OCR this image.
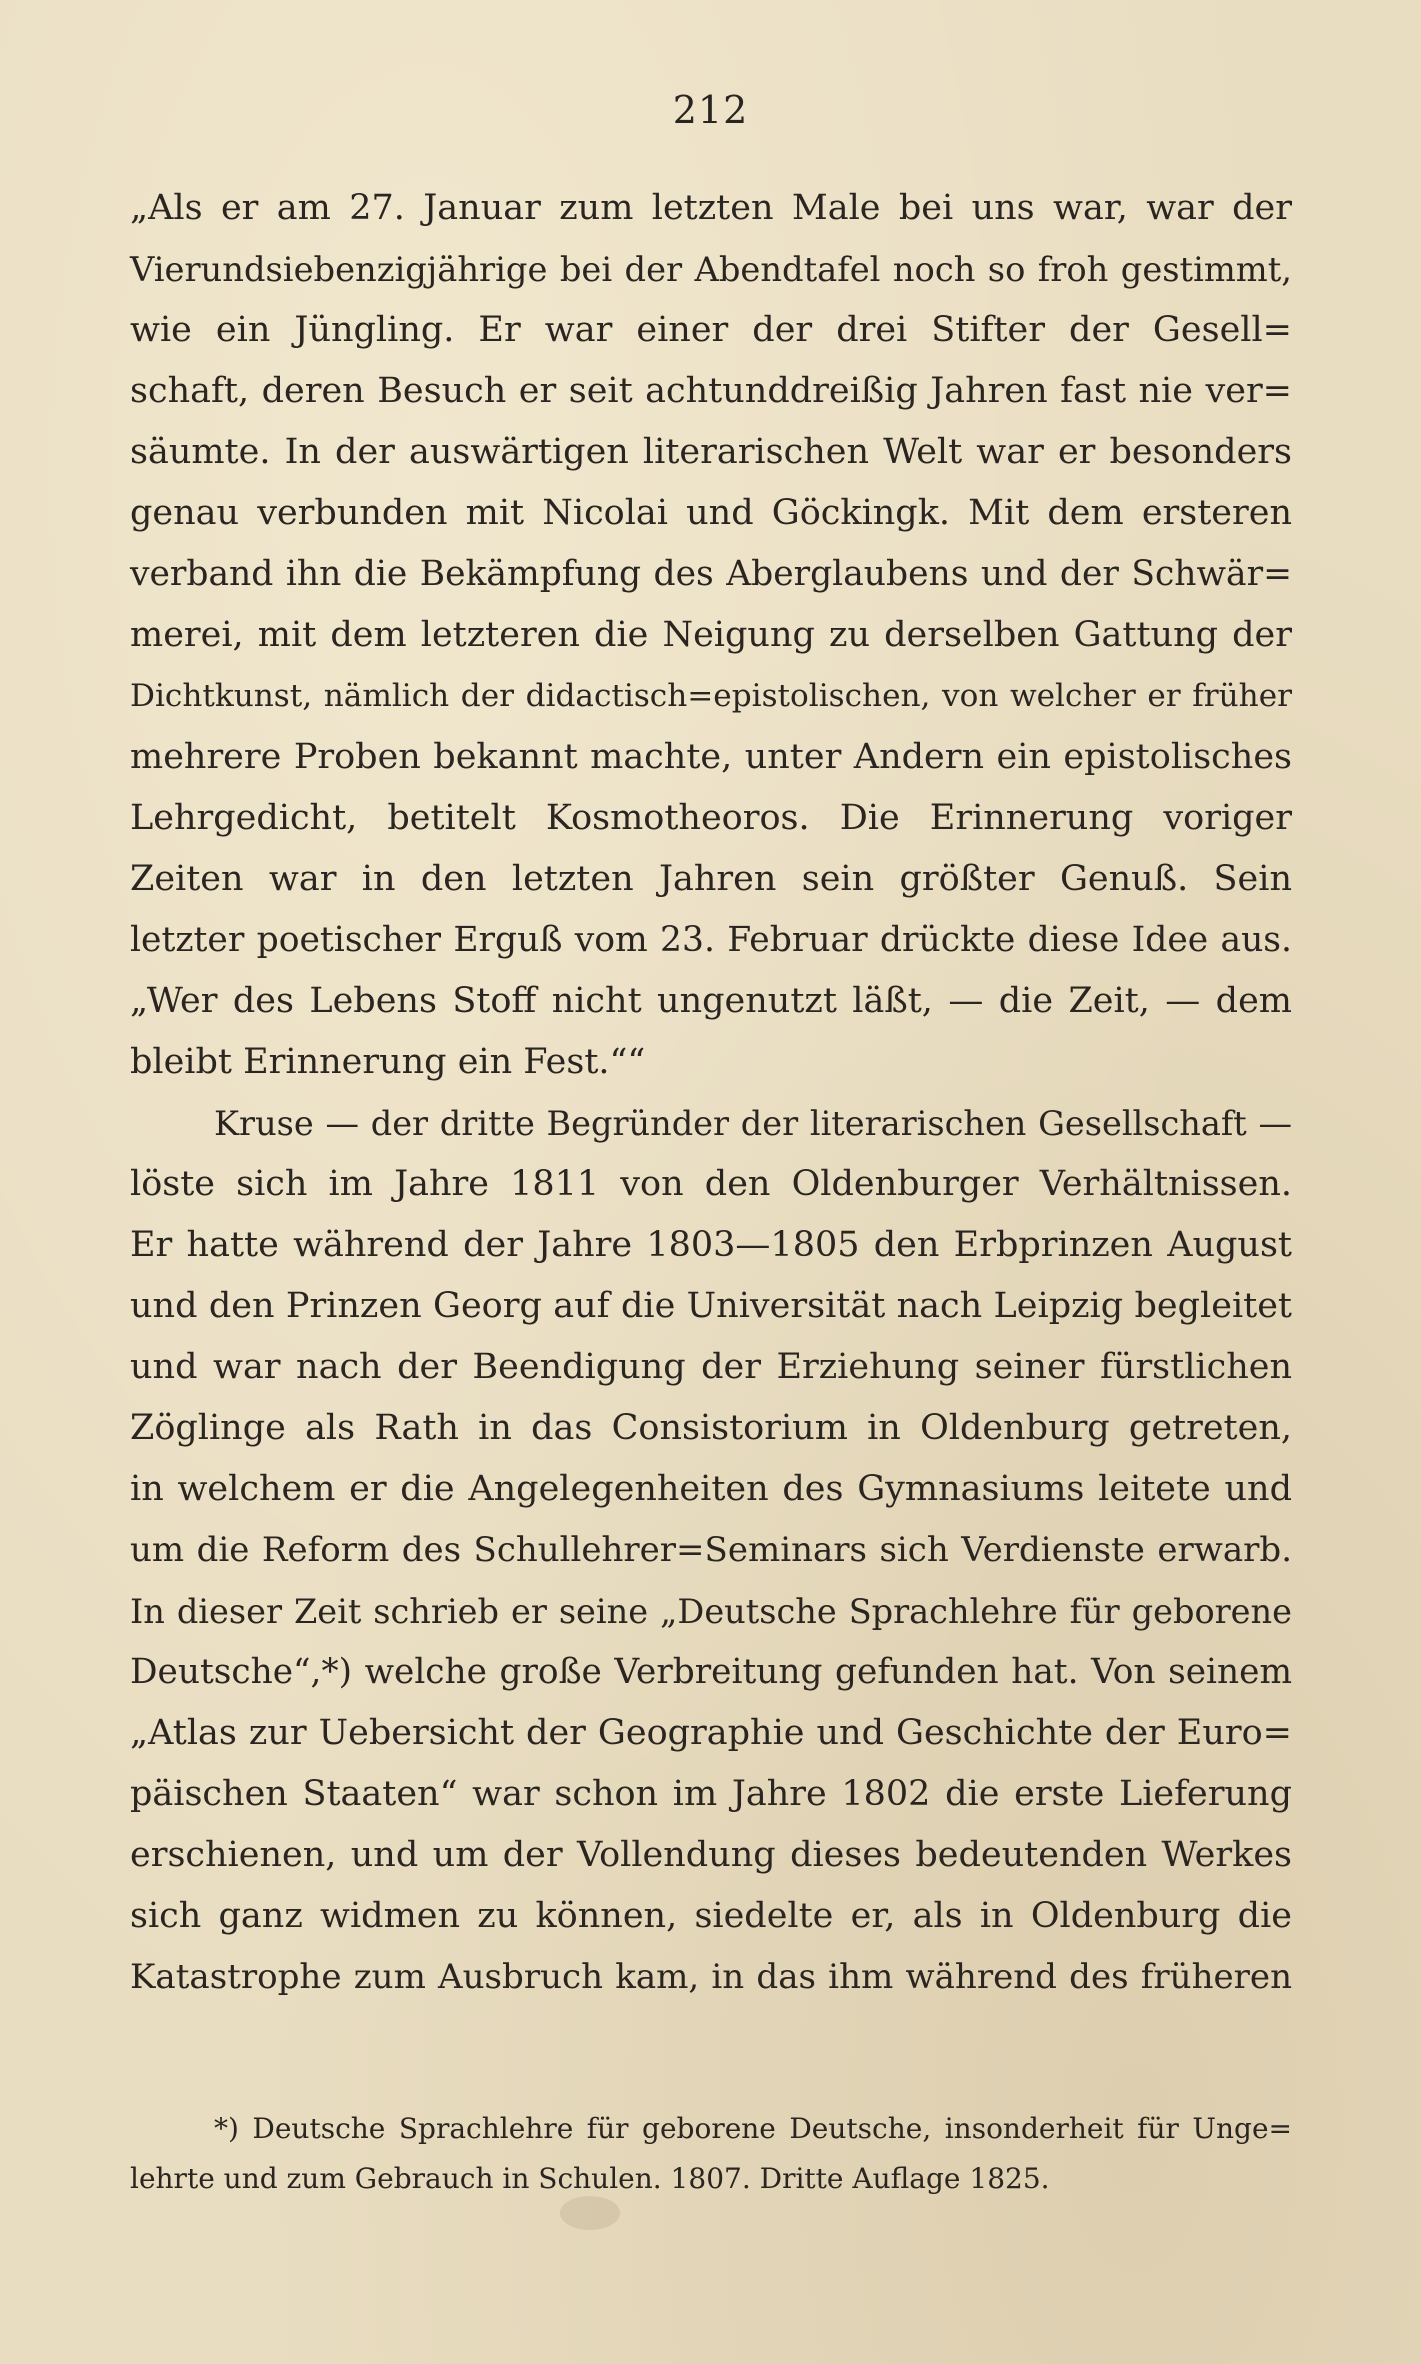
212
„Als er am 27. Januar zum letzten Male bei uns war, war der
Vierundsiebenzigjährige bei der Abendtafel noch so froh gestimmt,
wie ein Jüngling. Er war einer der drei Stifter der Gesell=
schaft, deren Besuch er seit achtunddreißig Jahren fast nie ver=
säumte. In der auswärtigen literarischen Welt war er besonders
genau verbunden mit Nicolai und Göckingk. Mit dem ersteren
verband ihn die Bekämpfung des Aberglaubens und der Schwär=
merei, mit dem letzteren die Neigung zu derselben Gattung der
Dichtkunst, nämlich der didactisch=epistolischen, von welcher er früher
mehrere Proben bekannt machte, unter Andern ein epistolisches
Lehrgedicht, betitelt Kosmotheoros. Die Erinnerung voriger
Zeiten war in den letzten Jahren sein größter Genuß. Sein
letzter poetischer Erguß vom 23. Februar drückte diese Idee aus.
„Wer des Lebens Stoff nicht ungenutzt läßt, — die Zeit, — dem
bleibt Erinnerung ein Fest.““
Kruse — der dritte Begründer der literarischen Gesellschaft —
löste sich im Jahre 1811 von den Oldenburger Verhältnissen.
Er hatte während der Jahre 1803—1805 den Erbprinzen August
und den Prinzen Georg auf die Universität nach Leipzig begleitet
und war nach der Beendigung der Erziehung seiner fürstlichen
Zöglinge als Rath in das Consistorium in Oldenburg getreten,
in welchem er die Angelegenheiten des Gymnasiums leitete und
um die Reform des Schullehrer=Seminars sich Verdienste erwarb.
In dieser Zeit schrieb er seine „Deutsche Sprachlehre für geborene
Deutsche“,*) welche große Verbreitung gefunden hat. Von seinem
„Atlas zur Uebersicht der Geographie und Geschichte der Euro=
päischen Staaten“ war schon im Jahre 1802 die erste Lieferung
erschienen, und um der Vollendung dieses bedeutenden Werkes
sich ganz widmen zu können, siedelte er, als in Oldenburg die
Katastrophe zum Ausbruch kam, in das ihm während des früheren
*) Deutsche Sprachlehre für geborene Deutsche, insonderheit für Unge=
lehrte und zum Gebrauch in Schulen. 1807. Dritte Auflage 1825.
